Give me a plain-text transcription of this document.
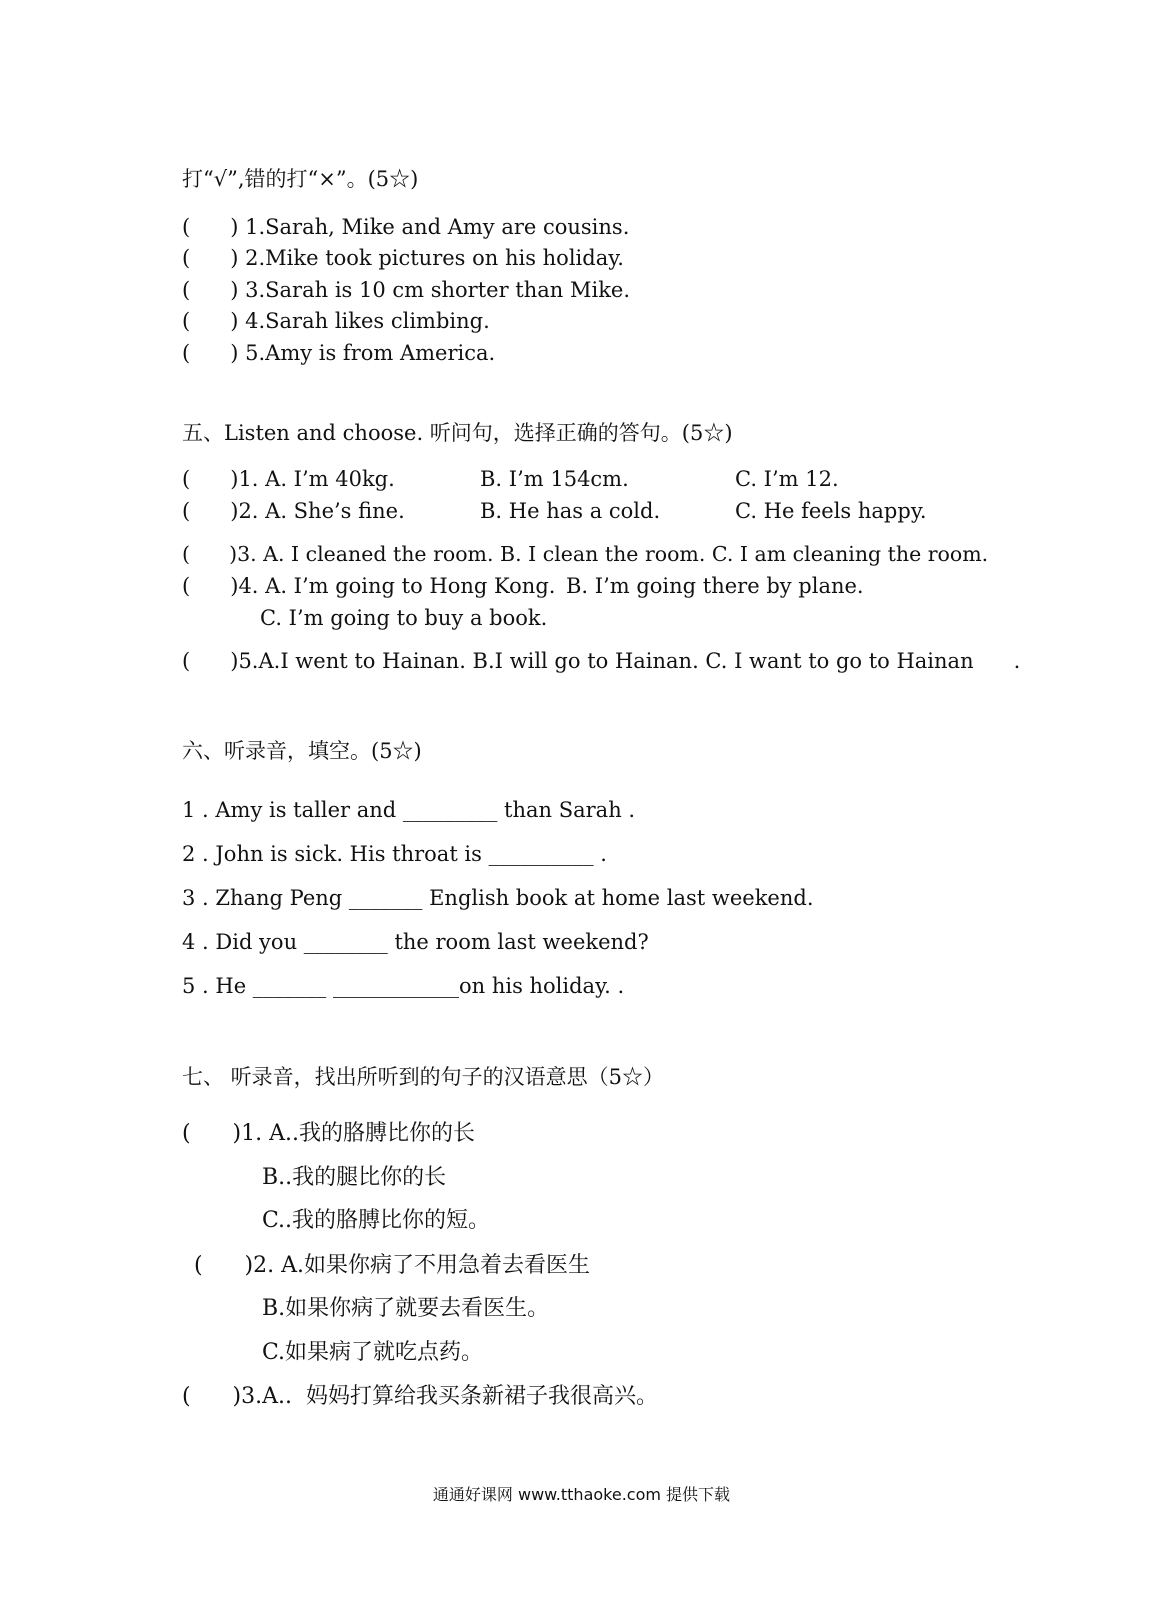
打“√”,错的打“×”。(5☆)
(      ) 1.Sarah, Mike and Amy are cousins.
(      ) 2.Mike took pictures on his holiday.
(      ) 3.Sarah is 10 cm shorter than Mike.
(      ) 4.Sarah likes climbing.
(      ) 5.Amy is from America.
五、Listen and choose. 听问句，选择正确的答句。(5☆)
(      )1. A. I’m 40kg.	B. I’m 154cm.	C. I’m 12.
(      )2. A. She’s fine.	B. He has a cold.	C. He feels happy.
(      )3. A. I cleaned the room. B. I clean the room. C. I am cleaning the room.
(      )4. A. I’m going to Hong Kong. B. I’m going there by plane.
C. I’m going to buy a book.
(      )5.A.I went to Hainan. B.I will go to Hainan. C. I want to go to Hainan      .
六、听录音，填空。(5☆)
1 . Amy is taller and _________ than Sarah .
2 . John is sick. His throat is __________ .
3 . Zhang Peng _______ English book at home last weekend.
4 . Did you ________ the room last weekend?
5 . He _______ ____________on his holiday. .
七、 听录音，找出所听到的句子的汉语意思（5☆）
(      )1. A..我的胳膊比你的长
B..我的腿比你的长
C..我的胳膊比你的短。
(      )2. A.如果你病了不用急着去看医生
B.如果你病了就要去看医生。
C.如果病了就吃点药。
(      )3.A..  妈妈打算给我买条新裙子我很高兴。
通通好课网 www.tthaoke.com 提供下载
